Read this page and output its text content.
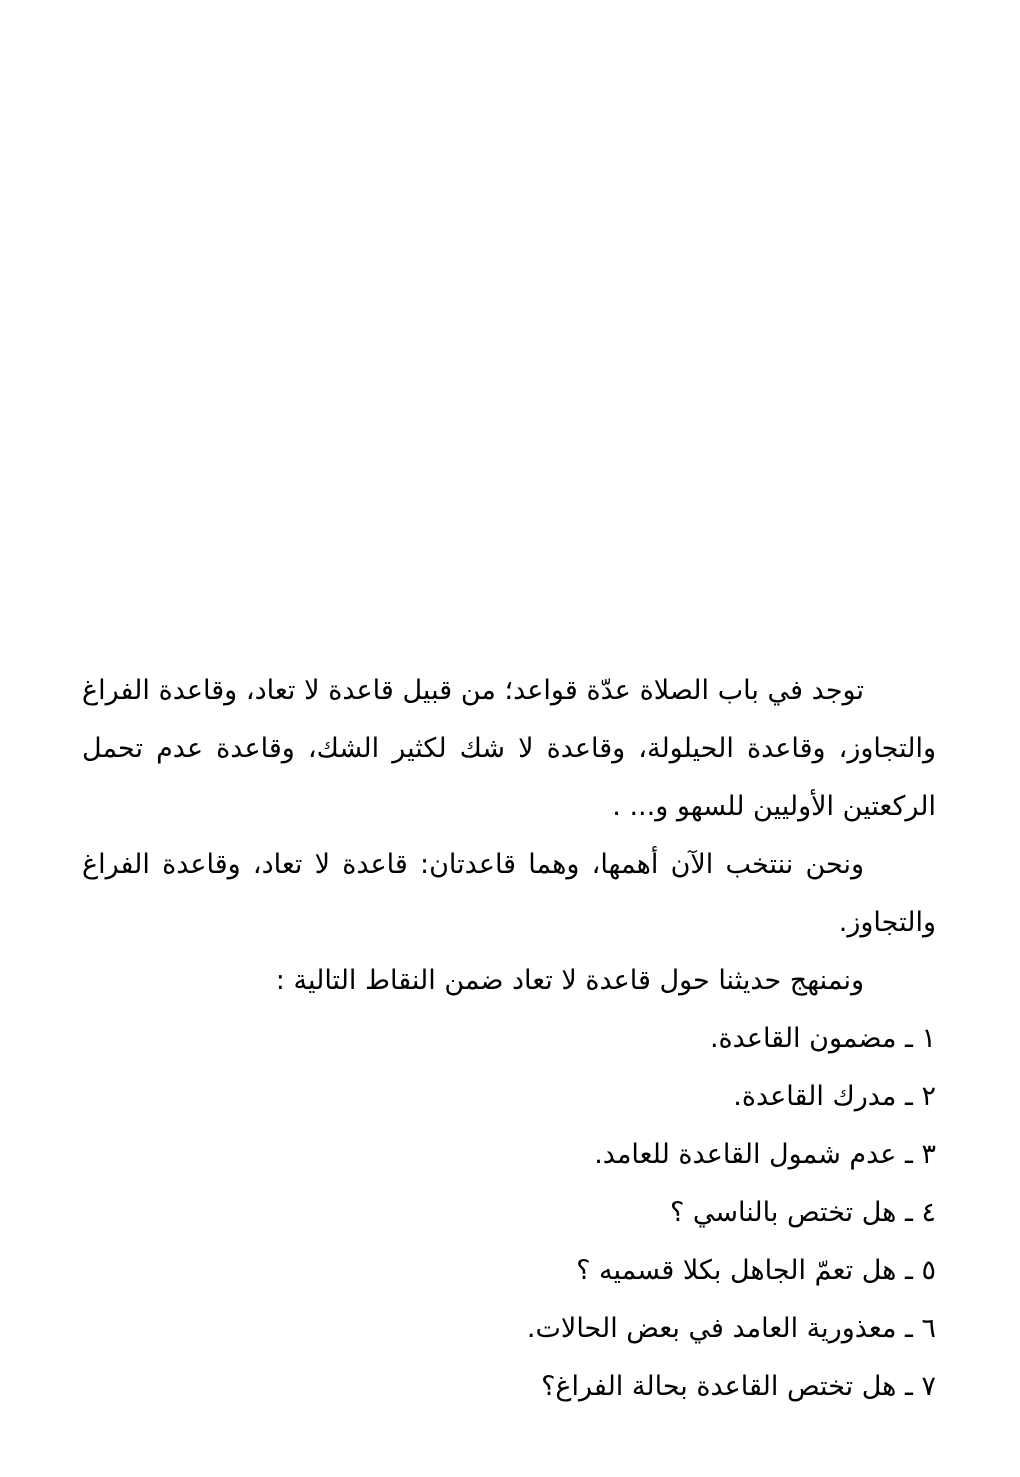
توجد في باب الصلاة عدّة قواعد؛ من قبيل قاعدة لا تعاد، وقاعدة الفراغ والتجاوز، وقاعدة الحيلولة، وقاعدة لا شك لكثير الشك، وقاعدة عدم تحمل الركعتين الأوليين للسهو و... .

ونحن ننتخب الآن أهمها، وهما قاعدتان: قاعدة لا تعاد، وقاعدة الفراغ والتجاوز.

ونمنهج حديثنا حول قاعدة لا تعاد ضمن النقاط التالية :

١ ـ مضمون القاعدة.
٢ ـ مدرك القاعدة.
٣ ـ عدم شمول القاعدة للعامد.
٤ ـ هل تختص بالناسي ؟
٥ ـ هل تعمّ الجاهل بكلا قسميه ؟
٦ ـ معذورية العامد في بعض الحالات.
٧ ـ هل تختص القاعدة بحالة الفراغ؟
